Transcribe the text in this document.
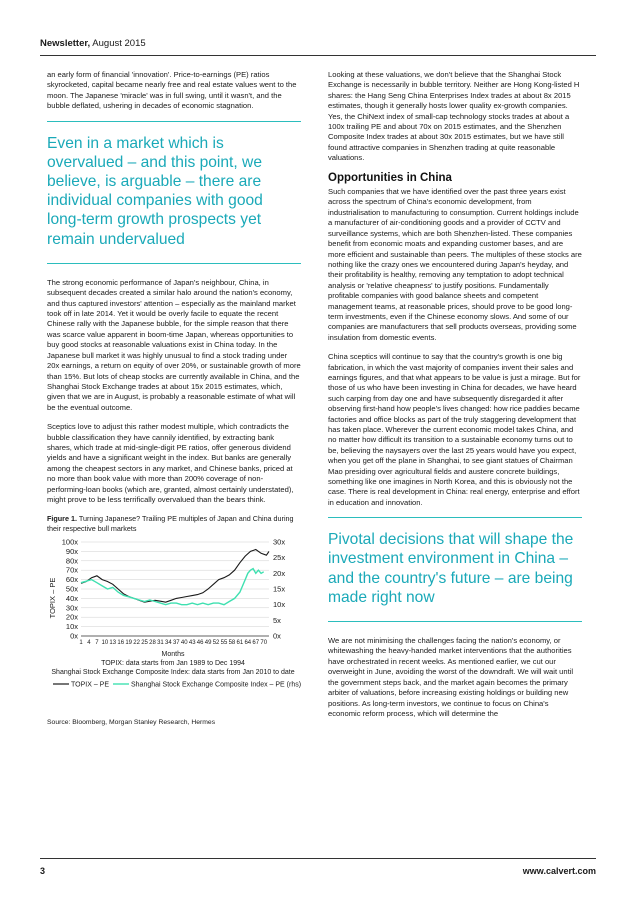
Newsletter, August 2015

an early form of financial 'innovation'. Price-to-earnings (PE) ratios skyrocketed, capital became nearly free and real estate values went to the moon. The Japanese 'miracle' was in full swing, until it wasn't, and the bubble deflated, ushering in decades of economic stagnation.

Even in a market which is overvalued – and this point, we believe, is arguable – there are individual companies with good long-term growth prospects yet remain undervalued

The strong economic performance of Japan's neighbour, China, in subsequent decades created a similar halo around the nation's economy, and thus captured investors' attention – especially as the mainland market took off in late 2014. Yet it would be overly facile to equate the recent Chinese rally with the Japanese bubble, for the simple reason that there was scarce value apparent in boom-time Japan, whereas opportunities to buy good stocks at reasonable valuations exist in China today. In the Japanese bull market it was highly unusual to find a stock trading under 20x earnings, a return on equity of over 20%, or sustainable growth of more than 15%. But lots of cheap stocks are currently available in China, and the Shanghai Stock Exchange trades at about 15x 2015 estimates, which, given that we are in August, is probably a reasonable estimate of what will be the eventual outcome.

Sceptics love to adjust this rather modest multiple, which contradicts the bubble classification they have cannily identified, by extracting bank shares, which trade at mid-single-digit PE ratios, offer generous dividend yields and have a significant weight in the index. But banks are generally among the cheapest sectors in any market, and Chinese banks, priced at no more than book value with more than 200% coverage of non-performing-loan books (which are, granted, almost certainly understated), might prove to be less terrifically overvalued than the bears think.

Figure 1. Turning Japanese? Trailing PE multiples of Japan and China during their respective bull markets
0x
10x
20x
30x
40x
50x
60x
70x
80x
90x
100x
0x
5x
10x
15x
20x
25x
30x
1 4 7 10 13 16 19 22 25 28 31 34 37 40 43 46 49 52 55 58 61 64 67 70
TOPIX – PE
Months
TOPIX: data starts from Jan 1989 to Dec 1994
Shanghai Stock Exchange Composite Index: data starts from Jan 2010 to date
TOPIX – PE	Shanghai Stock Exchange Composite Index – PE (rhs)
Source: Bloomberg, Morgan Stanley Research, Hermes

Looking at these valuations, we don't believe that the Shanghai Stock Exchange is necessarily in bubble territory. Neither are Hong Kong-listed H shares: the Hang Seng China Enterprises Index trades at about 8x 2015 estimates, though it generally hosts lower quality ex-growth companies. Yes, the ChiNext index of small-cap technology stocks trades at about a 100x trailing PE and about 70x on 2015 estimates, and the Shenzhen Composite Index trades at about 30x 2015 estimates, but we have still found attractive companies in Shenzhen trading at quite reasonable valuations.

Opportunities in China

Such companies that we have identified over the past three years exist across the spectrum of China's economic development, from industrialisation to manufacturing to consumption. Current holdings include a manufacturer of air-conditioning goods and a provider of CCTV and surveillance systems, which are both Shenzhen-listed. These companies benefit from economic moats and expanding customer bases, and are more efficient and sustainable than peers. The multiples of these stocks are nothing like the crazy ones we encountered during Japan's heyday, and their profitability is healthy, removing any temptation to adopt technical analysis or 'relative cheapness' to justify positions. Fundamentally profitable companies with good balance sheets and competent management teams, at reasonable prices, should prove to be good long-term investments, even if the Chinese economy slows. And some of our companies are manufacturers that sell products overseas, providing some insulation from domestic events.

China sceptics will continue to say that the country's growth is one big fabrication, in which the vast majority of companies invent their sales and earnings figures, and that what appears to be value is just a mirage. But for those of us who have been investing in China for decades, we have heard such carping from day one and have subsequently disregarded it after observing first-hand how people's lives changed: how rice paddies became factories and office blocks as part of the truly staggering development that has taken place. Wherever the current economic model takes China, and no matter how difficult its transition to a sustainable economy turns out to be, believing the naysayers over the last 25 years would have you expect, when you get off the plane in Shanghai, to see giant statues of Chairman Mao presiding over agricultural fields and austere concrete buildings, something like one imagines in North Korea, and this is obviously not the case. There is real development in China: real energy, enterprise and effort in education and innovation.

Pivotal decisions that will shape the investment environment in China – and the country's future – are being made right now

We are not minimising the challenges facing the nation's economy, or whitewashing the heavy-handed market interventions that the authorities have orchestrated in recent weeks. As mentioned earlier, we cut our overweight in June, avoiding the worst of the downdraft. We will wait until the government steps back, and the market again becomes the primary arbiter of valuations, before increasing existing holdings or building new positions. As long-term investors, we continue to focus on China's economic reform process, which will determine the

3	www.calvert.com
